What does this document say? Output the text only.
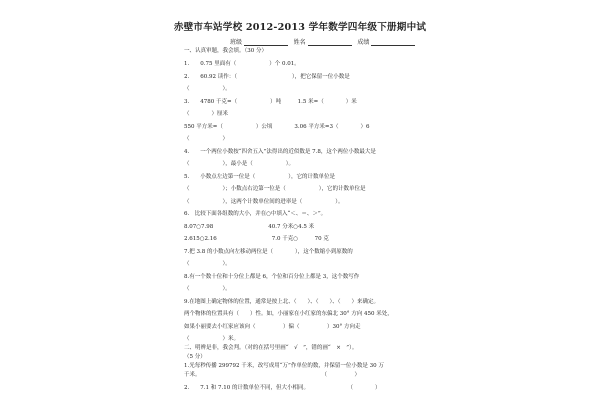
赤壁市车站学校 2012-2013 学年数学四年级下册期中试
班级	姓名	成绩
一、认真审题，我会填。（30 分）
1.　　0.75 里面有（　　　　　　）个 0.01。
2.　　60.92 读作：（　　　　　　　　　　），把它保留一位小数是
（　　　　　　）。
3.　　4780 千克=（　　　　　　）吨　　　1.5 米=（　　　　）米
（　　　　）厘米
550 平方米=（　　　　　　）公顷　　　　3.06 平方米=3（　　　　）6
（　　　　　　）
4.　　一个两位小数按“四舍五入”法得出的近似数是 7.8，这个两位小数最大是
（　　　　　　），最小是（　　　　　　）。
5.　　小数点左边第一位是（　　　　　　），它的计数单位是
（　　　　　　）；小数点右边第一位是（　　　　　　），它的计数单位是
（　　　　　　），这两个计数单位间的进率是（　　　　　　）。
6.　比较下面各组数的大小，并在○中填入“＜、＝、＞”。
8.07○7.98　　　　　　　　　　40.7 分米○4.5 米
2.615○2.16　　　　　　　　　　7.0 千克○　　　70 克
7.把 3.8 的小数点向左移动两位是（　　　　），这个数缩小到原数的
（　　　　　　）。
8.有一个数十位和十分位上都是 6，个位和百分位上都是 3，这个数写作
（　　　　　　）。
9.在地图上确定物体的位置，通常是按上北、（　　）、（　　）、（　　）来确定。
两个物体的位置具有（　　）性。如，小丽家在小红家的东偏北 30° 方向 450 米处，
如果小丽要去小红家应该向（　　　　　）偏（　　　　　）30° 方向走
（　　　　　　）米。
二、明辨是非，我会判。（对的在括号里画“　√　”，错的画“　×　”）。
（5 分）
1.光每秒传播 299792 千米，改写成用“万”作单位的数，并保留一位小数是 30 万
千米。　　　　　　　　　　　　　　　　　　　　　　　（　　　　　）
2.　　7.1 和 7.10 的计数单位不同，但大小相同。　　　　　　　　（　　　　）
